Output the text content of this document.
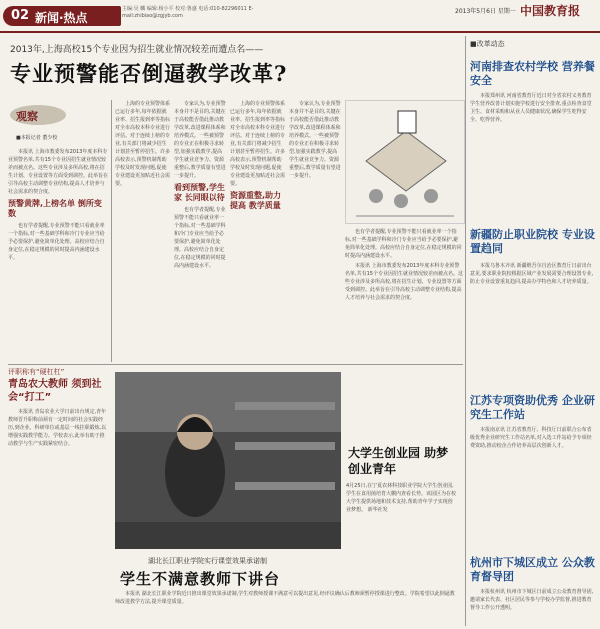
02 新闻·热点
主编:吴 麟 编辑:杨小平 校对:鲁盛 电话:010-82296011 E-mail:zhibiao@zgjyb.com
2013年5月6日 星期一 中国教育报
2013年,上海高校15个专业因为招生就业情况较差而遭点名——
专业预警能否倒逼教学改革?
观察
■本报记者 董少校

本报讯 上海市教委发布2013年度本科专业预警名单,共有15个专业因招生就业情况较差而被点名。这些专业涉及多所高校,将在招生计划、专业设置等方面受到调控。此举旨在引导高校主动调整专业结构,提高人才培养与社会需求的契合度。

预警黄牌,上榜名单 倒所变数

也有学者提醒,专业预警不能只看就业率一个指标,对一些基础学科和冷门专业应当给予必要保护,避免简单化处理。高校应结合自身定位,在稳定规模的同时提高内涵建设水平。

上海的专业预警体系已运行多年,每年依据就业率、招生报到率等指标对全市高校本科专业进行评估。对于连续上榜的专业,有关部门将减少招生计划甚至暂停招生。许多高校表示,预警机制帮助学校及时发现问题,促使专业建设更加贴近社会需要。

专家认为,专业预警本身并不是目的,关键在于高校能否借此推动教学改革,改进课程体系和培养模式。一些被预警的专业正在积极寻求转型,加强实践教学,提高学生就业竞争力。资源重整后,教学质量有望进一步提升。

看到预警,学生家 长同眼以待

也有学者提醒,专业预警不能只看就业率一个指标,对一些基础学科和冷门专业应当给予必要保护,避免简单化处理。高校应结合自身定位,在稳定规模的同时提高内涵建设水平。

上海的专业预警体系已运行多年,每年依据就业率、招生报到率等指标对全市高校本科专业进行评估。对于连续上榜的专业,有关部门将减少招生计划甚至暂停招生。许多高校表示,预警机制帮助学校及时发现问题,促使专业建设更加贴近社会需要。

资源重整,助力提高 教学质量

专家认为,专业预警本身并不是目的,关键在于高校能否借此推动教学改革,改进课程体系和培养模式。一些被预警的专业正在积极寻求转型,加强实践教学,提高学生就业竞争力。资源重整后,教学质量有望进一步提升。

也有学者提醒,专业预警不能只看就业率一个指标,对一些基础学科和冷门专业应当给予必要保护,避免简单化处理。高校应结合自身定位,在稳定规模的同时提高内涵建设水平。

本报讯 上海市教委发布2013年度本科专业预警名单,共有15个专业因招生就业情况较差而被点名。这些专业涉及多所高校,将在招生计划、专业设置等方面受到调控。此举旨在引导高校主动调整专业结构,提高人才培养与社会需求的契合度。

评职称有“硬杠杠”
青岛农大教师 须到社会“打工”

本报讯 青岛农业大学日前出台规定,青年教师晋升职称前须有一定时间的社会实践经历,到企业、科研单位或基层一线挂职锻炼,以增强实践教学能力。学校表示,此举有助于推动教学与生产实践紧密结合。

大学生创业园 助梦创业青年
4月25日,在宁夏农林科技职业学院大学生创业园,学生在食用菌培育大棚内查看长势。该园区为在校大学生提供场地和技术支持,帮助青年学子实现创业梦想。 新华社发
湖北长江职业学院实行课堂效果承诺制
学生不满意教师下讲台

本报讯 湖北长江职业学院近日推出课堂效果承诺制,学生对教师授课不满意可以提出意见,经评议确认后教师须暂停授课进行整改。学院希望以此倒逼教师改进教学方法,提升课堂质量。

■改革动态
河南排查农村学校 营养餐安全

本报郑州讯 河南省教育厅近日对全省农村义务教育学生营养改善计划实施学校进行安全排查,重点检查食堂卫生、食材采购和从业人员健康状况,确保学生吃得安全、吃得营养。

新疆防止职业院校 专业设置趋同

本报乌鲁木齐讯 新疆维吾尔自治区教育厅日前出台意见,要求职业院校根据区域产业发展需要合理设置专业,防止专业设置重复趋同,提高办学特色和人才培养质量。

江苏专项资助优秀 企业研究生工作站

本报南京讯 江苏省教育厅、科技厅日前联合公布省级优秀企业研究生工作站名单,对入选工作站给予专项经费资助,推动校企合作培养高层次创新人才。

杭州市下城区成立 公众教育督导团

本报杭州讯 杭州市下城区日前成立公众教育督导团,邀请家长代表、社区居民等参与学校办学监督,推进教育督导工作公开透明。
